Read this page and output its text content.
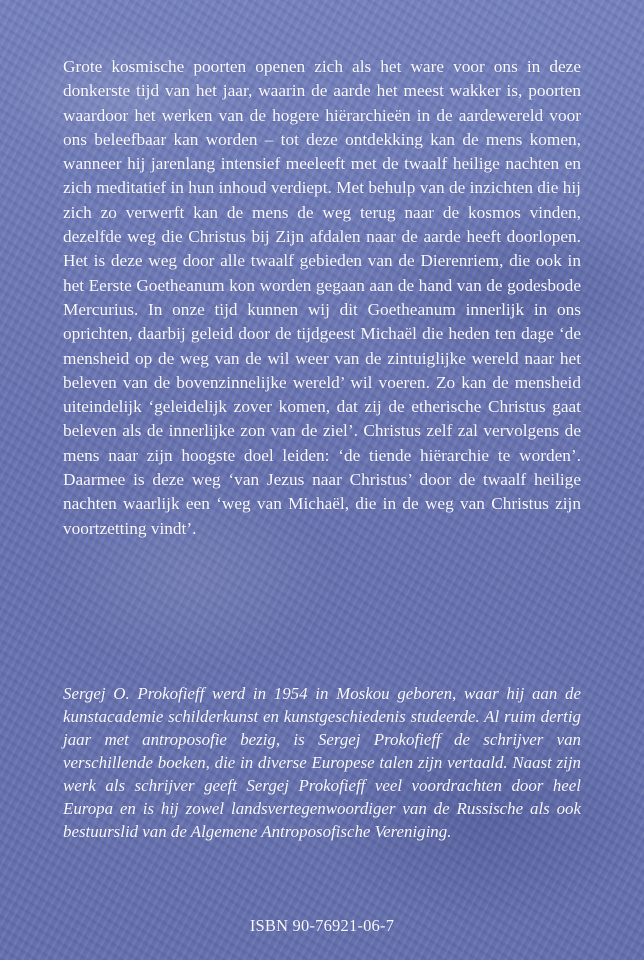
Grote kosmische poorten openen zich als het ware voor ons in deze donkerste tijd van het jaar, waarin de aarde het meest wakker is, poorten waardoor het werken van de hogere hiërarchieën in de aardewereld voor ons beleefbaar kan worden – tot deze ontdekking kan de mens komen, wanneer hij jarenlang intensief meeleeft met de twaalf heilige nachten en zich meditatief in hun inhoud verdiept. Met behulp van de inzichten die hij zich zo verwerft kan de mens de weg terug naar de kosmos vinden, dezelfde weg die Christus bij Zijn afdalen naar de aarde heeft doorlopen. Het is deze weg door alle twaalf gebieden van de Dierenriem, die ook in het Eerste Goetheanum kon worden gegaan aan de hand van de godesbode Mercurius. In onze tijd kunnen wij dit Goetheanum innerlijk in ons oprichten, daarbij geleid door de tijdgeest Michaël die heden ten dage ‘de mensheid op de weg van de wil weer van de zintuiglijke wereld naar het beleven van de bovenzinnelijke wereld’ wil voeren. Zo kan de mensheid uiteindelijk ‘geleidelijk zover komen, dat zij de etherische Christus gaat beleven als de innerlijke zon van de ziel’. Christus zelf zal vervolgens de mens naar zijn hoogste doel leiden: ‘de tiende hiërarchie te worden’. Daarmee is deze weg ‘van Jezus naar Christus’ door de twaalf heilige nachten waarlijk een ‘weg van Michaël, die in de weg van Christus zijn voortzetting vindt’.

Sergej O. Prokofieff werd in 1954 in Moskou geboren, waar hij aan de kunstacademie schilderkunst en kunstgeschiedenis studeerde. Al ruim dertig jaar met antroposofie bezig, is Sergej Prokofieff de schrijver van verschillende boeken, die in diverse Europese talen zijn vertaald. Naast zijn werk als schrijver geeft Sergej Prokofieff veel voordrachten door heel Europa en is hij zowel landsvertegenwoordiger van de Russische als ook bestuurslid van de Algemene Antroposofische Vereniging.

ISBN 90-76921-06-7
